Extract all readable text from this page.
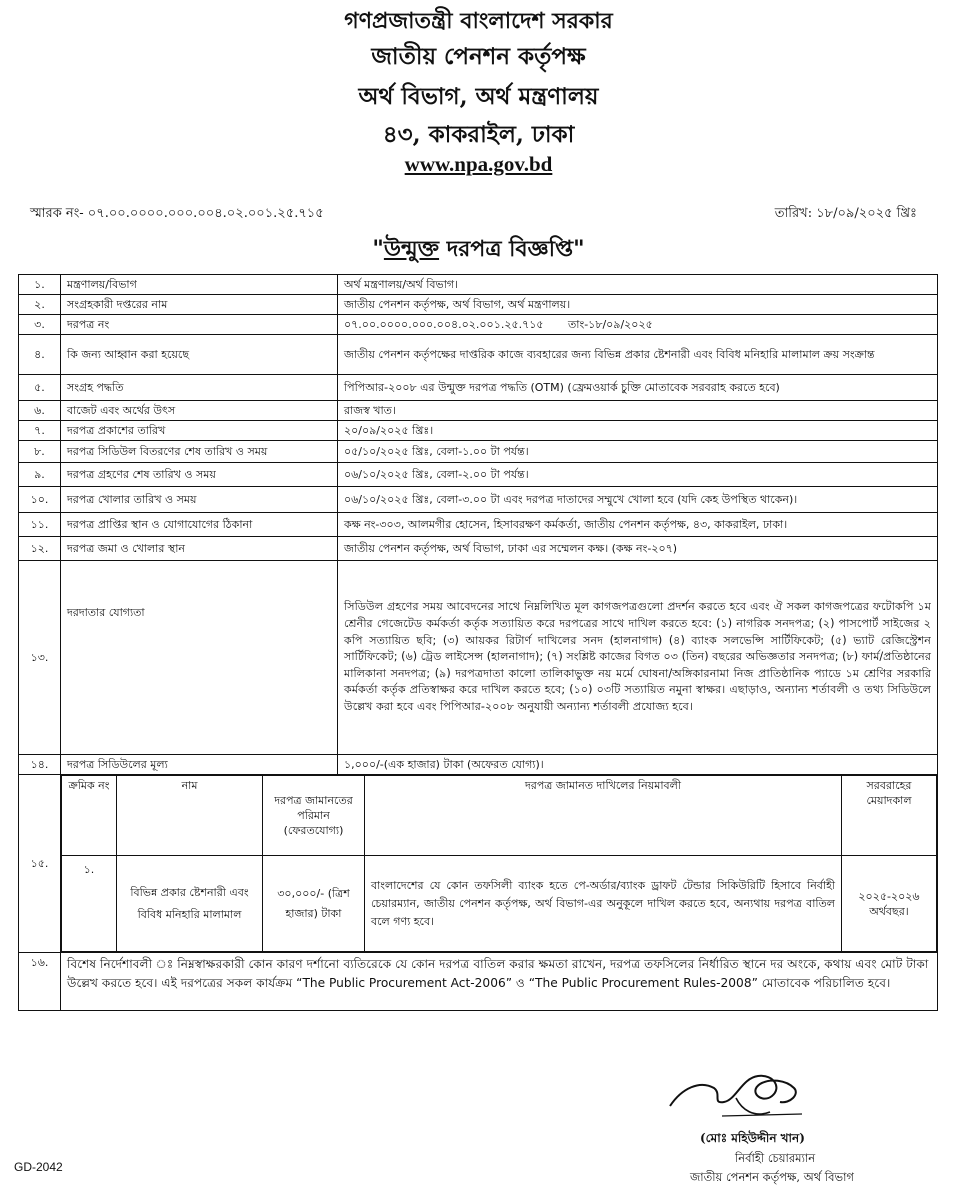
গণপ্রজাতন্ত্রী বাংলাদেশ সরকার
জাতীয় পেনশন কর্তৃপক্ষ
অর্থ বিভাগ, অর্থ মন্ত্রণালয়
৪৩, কাকরাইল, ঢাকা
www.npa.gov.bd
স্মারক নং- ০৭.০০.০০০০.০০০.০০৪.০২.০০১.২৫.৭১৫	তারিখ: ১৮/০৯/২০২৫ খ্রিঃ
"উন্মুক্ত দরপত্র বিজ্ঞপ্তি"
১.	মন্ত্রণালয়/বিভাগ	অর্থ মন্ত্রণালয়/অর্থ বিভাগ।
২.	সংগ্রহকারী দপ্তরের নাম	জাতীয় পেনশন কর্তৃপক্ষ, অর্থ বিভাগ, অর্থ মন্ত্রণালয়।
৩.	দরপত্র নং	০৭.০০.০০০০.০০০.০০৪.০২.০০১.২৫.৭১৫       তাং-১৮/০৯/২০২৫
৪.	কি জন্য আহ্বান করা হয়েছে	জাতীয় পেনশন কর্তৃপক্ষের দাপ্তরিক কাজে ব্যবহারের জন্য বিভিন্ন প্রকার ষ্টেশনারী এবং বিবিধ মনিহারি মালামাল ক্রয় সংক্রান্ত
৫.	সংগ্রহ পদ্ধতি	পিপিআর-২০০৮ এর উন্মুক্ত দরপত্র পদ্ধতি (OTM) (ফ্রেমওয়ার্ক চুক্তি মোতাবেক সরবরাহ করতে হবে)
৬.	বাজেট এবং অর্থের উৎস	রাজস্ব খাত।
৭.	দরপত্র প্রকাশের তারিখ	২০/০৯/২০২৫ খ্রিঃ।
৮.	দরপত্র সিডিউল বিতরণের শেষ তারিখ ও সময়	০৫/১০/২০২৫ খ্রিঃ, বেলা-১.০০ টা পর্যন্ত।
৯.	দরপত্র গ্রহণের শেষ তারিখ ও সময়	০৬/১০/২০২৫ খ্রিঃ, বেলা-২.০০ টা পর্যন্ত।
১০.	দরপত্র খোলার তারিখ ও সময়	০৬/১০/২০২৫ খ্রিঃ, বেলা-৩.০০ টা এবং দরপত্র দাতাদের সম্মুখে খোলা হবে (যদি কেহ উপস্থিত থাকেন)।
১১.	দরপত্র প্রাপ্তির স্থান ও যোগাযোগের ঠিকানা	কক্ষ নং-৩০৩, আলমগীর হোসেন, হিসাবরক্ষণ কর্মকর্তা, জাতীয় পেনশন কর্তৃপক্ষ, ৪৩, কাকরাইল, ঢাকা।
১২.	দরপত্র জমা ও খোলার স্থান	জাতীয় পেনশন কর্তৃপক্ষ, অর্থ বিভাগ, ঢাকা এর সম্মেলন কক্ষ। (কক্ষ নং-২০৭)
১৩.	দরদাতার যোগ্যতা	সিডিউল গ্রহণের সময় আবেদনের সাথে নিম্নলিখিত মূল কাগজপত্রগুলো প্রদর্শন করতে হবে এবং ঐ সকল কাগজপত্রের ফটোকপি ১ম শ্রেনীর গেজেটেড কর্মকর্তা কর্তৃক সত্যায়িত করে দরপত্রের সাথে দাখিল করতে হবে: (১) নাগরিক সনদপত্র; (২) পাসপোর্ট সাইজের ২ কপি সত্যায়িত ছবি; (৩) আয়কর রিটার্ণ দাখিলের সনদ (হালনাগাদ) (৪) ব্যাংক সলভেন্সি সার্টিফিকেট; (৫) ভ্যাট রেজিস্ট্রেশন সার্টিফিকেট; (৬) ট্রেড লাইসেন্স (হালনাগাদ); (৭) সংশ্লিষ্ট কাজের বিগত ০৩ (তিন) বছরের অভিজ্ঞতার সনদপত্র; (৮) ফার্ম/প্রতিষ্ঠানের মালিকানা সনদপত্র; (৯) দরপত্রদাতা কালো তালিকাভুক্ত নয় মর্মে ঘোষনা/অঙ্গিকারনামা নিজ প্রাতিষ্ঠানিক প্যাডে ১ম শ্রেণির সরকারি কর্মকর্তা কর্তৃক প্রতিস্বাক্ষর করে দাখিল করতে হবে; (১০) ০৩টি সত্যায়িত নমুনা স্বাক্ষর। এছাড়াও, অন্যান্য শর্তাবলী ও তথ্য সিডিউলে উল্লেখ করা হবে এবং পিপিআর-২০০৮ অনুযায়ী অন্যান্য শর্তাবলী প্রযোজ্য হবে।
১৪.	দরপত্র সিডিউলের মূল্য	১,০০০/-(এক হাজার) টাকা (অফেরত যোগ্য)।
১৫.	
ক্রমিক নং	নাম	দরপত্র জামানতের পরিমান (ফেরতযোগ্য)	দরপত্র জামানত দাখিলের নিয়মাবলী	সরবরাহের মেয়াদকাল
১.	বিভিন্ন প্রকার ষ্টেশনারী এবং বিবিধ মনিহারি মালামাল	৩০,০০০/- (ত্রিশ হাজার) টাকা	বাংলাদেশের যে কোন তফসিলী ব্যাংক হতে পে-অর্ডার/ব্যাংক ড্রাফট টেন্ডার সিকিউরিটি হিসাবে নির্বাহী চেয়ারম্যান, জাতীয় পেনশন কর্তৃপক্ষ, অর্থ বিভাগ-এর অনুকূলে দাখিল করতে হবে, অন্যথায় দরপত্র বাতিল বলে গণ্য হবে।	২০২৫-২০২৬ অর্থবছর।

১৬.	বিশেষ নির্দেশাবলী ঃ নিম্নস্বাক্ষরকারী কোন কারণ দর্শানো ব্যতিরেকে যে কোন দরপত্র বাতিল করার ক্ষমতা রাখেন, দরপত্র তফসিলের নির্ধারিত স্থানে দর অংকে, কথায় এবং মোট টাকা উল্লেখ করতে হবে। এই দরপত্রের সকল কার্যক্রম “The Public Procurement Act-2006” ও “The Public Procurement Rules-2008” মোতাবেক পরিচালিত হবে।
(মোঃ মহিউদ্দীন খান)
নির্বাহী চেয়ারম্যান
জাতীয় পেনশন কর্তৃপক্ষ, অর্থ বিভাগ
GD-2042
